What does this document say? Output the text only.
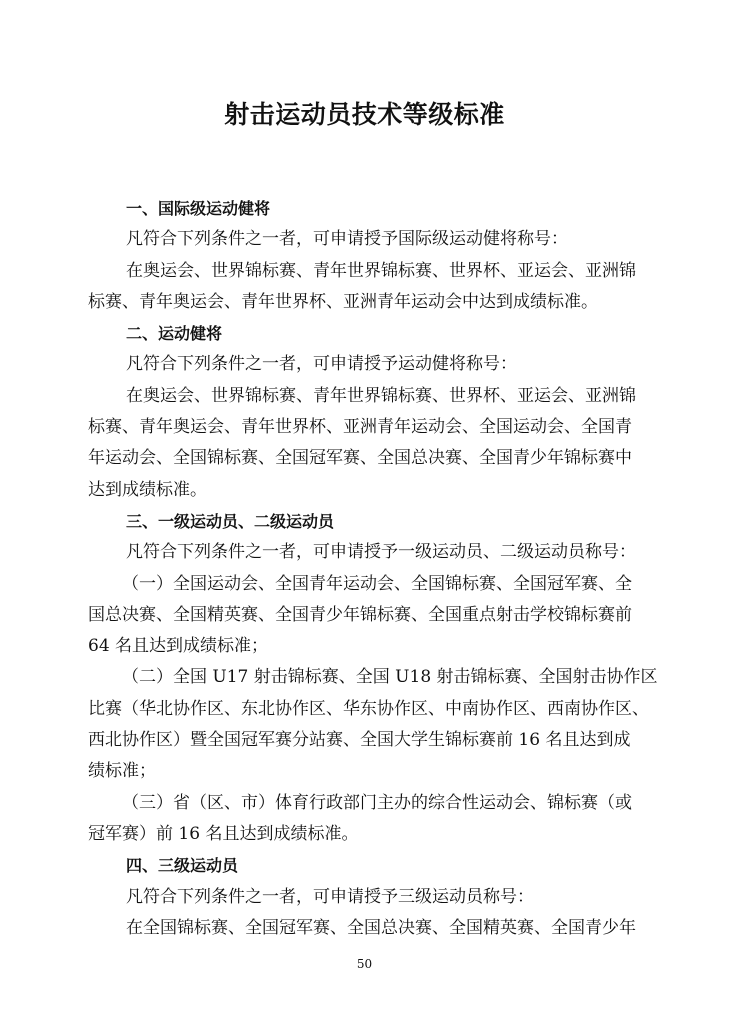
射击运动员技术等级标准

一、国际级运动健将

凡符合下列条件之一者，可申请授予国际级运动健将称号：

在奥运会、世界锦标赛、青年世界锦标赛、世界杯、亚运会、亚洲锦

标赛、青年奥运会、青年世界杯、亚洲青年运动会中达到成绩标准。

二、运动健将

凡符合下列条件之一者，可申请授予运动健将称号：

在奥运会、世界锦标赛、青年世界锦标赛、世界杯、亚运会、亚洲锦

标赛、青年奥运会、青年世界杯、亚洲青年运动会、全国运动会、全国青

年运动会、全国锦标赛、全国冠军赛、全国总决赛、全国青少年锦标赛中

达到成绩标准。

三、一级运动员、二级运动员

凡符合下列条件之一者，可申请授予一级运动员、二级运动员称号：

（一）全国运动会、全国青年运动会、全国锦标赛、全国冠军赛、全

国总决赛、全国精英赛、全国青少年锦标赛、全国重点射击学校锦标赛前

64 名且达到成绩标准；

（二）全国 U17 射击锦标赛、全国 U18 射击锦标赛、全国射击协作区

比赛（华北协作区、东北协作区、华东协作区、中南协作区、西南协作区、

西北协作区）暨全国冠军赛分站赛、全国大学生锦标赛前 16 名且达到成

绩标准；

（三）省（区、市）体育行政部门主办的综合性运动会、锦标赛（或

冠军赛）前 16 名且达到成绩标准。

四、三级运动员

凡符合下列条件之一者，可申请授予三级运动员称号：

在全国锦标赛、全国冠军赛、全国总决赛、全国精英赛、全国青少年

50
